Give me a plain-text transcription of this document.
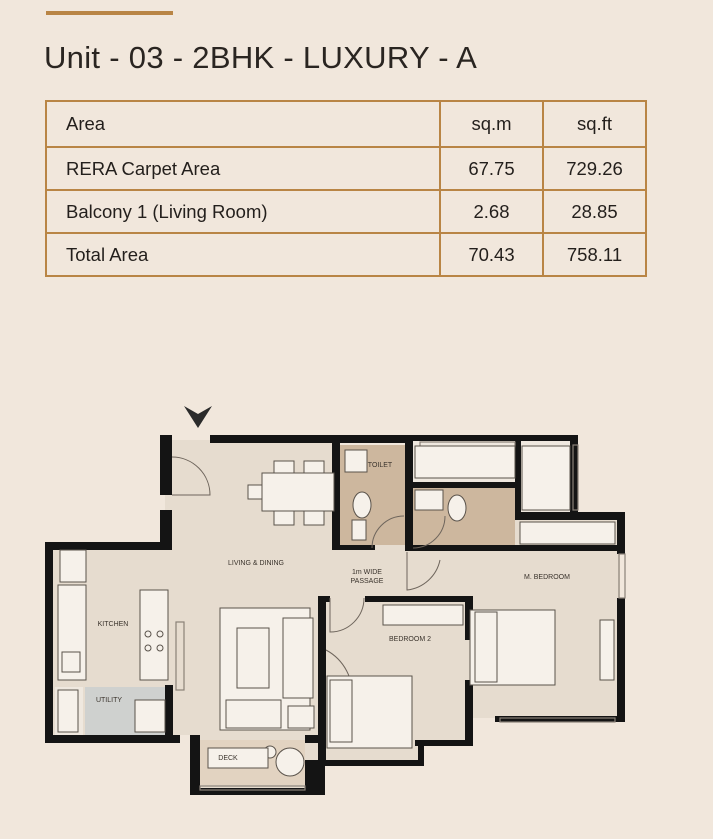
Unit - 03 - 2BHK - LUXURY - A
Area	sq.m	sq.ft
RERA Carpet Area	67.75	729.26
Balcony 1 (Living Room)	2.68	28.85
Total Area	70.43	758.11
TOILET
LIVING & DINING
1m WIDE
PASSAGE
M. BEDROOM
KITCHEN
BEDROOM 2
UTILITY
DECK
